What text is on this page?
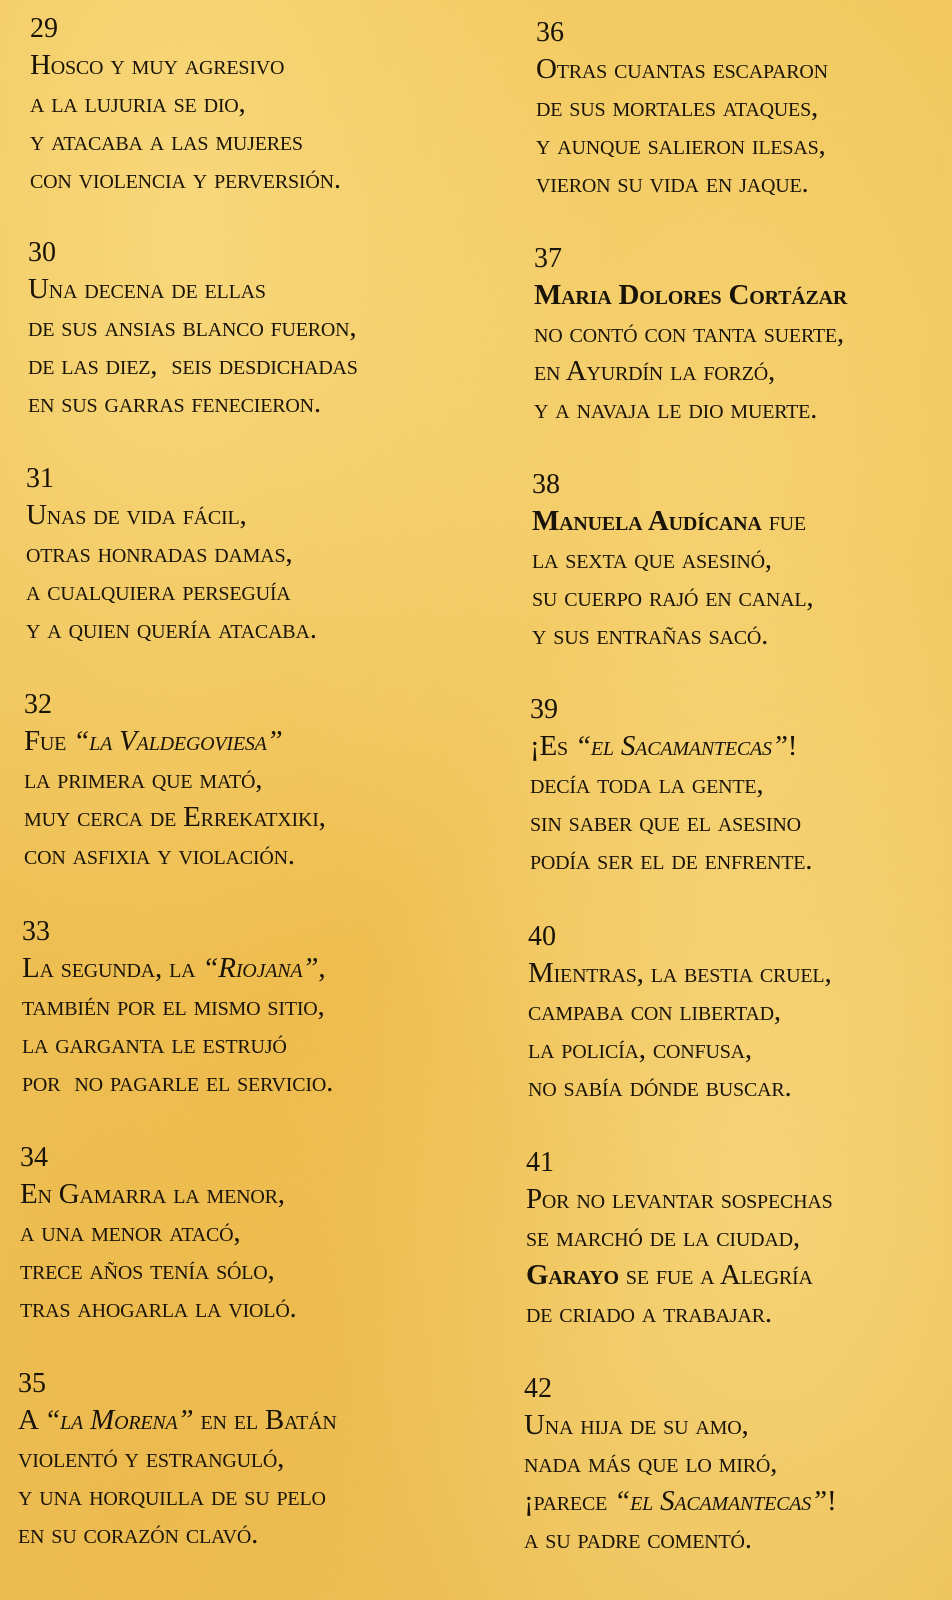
29
Hosco y muy agresivo
a la lujuria se dio,
y atacaba a las mujeres
con violencia y perversión.
30
Una decena de ellas
de sus ansias blanco fueron,
de las diez,  seis desdichadas
en sus garras fenecieron.
31
Unas de vida fácil,
otras honradas damas,
a cualquiera perseguía
y a quien quería atacaba.
32
Fue “la Valdegoviesa”
la primera que mató,
muy cerca de Errekatxiki,
con asfixia y violación.
33
La segunda, la “Riojana”,
también por el mismo sitio,
la garganta le estrujó
por  no pagarle el servicio.
34
En Gamarra la menor,
a una menor atacó,
trece años tenía sólo,
tras ahogarla la violó.
35
A “la Morena” en el Batán
violentó y estranguló,
y una horquilla de su pelo
en su corazón clavó.
36
Otras cuantas escaparon
de sus mortales ataques,
y aunque salieron ilesas,
vieron su vida en jaque.
37
Maria Dolores Cortázar
no contó con tanta suerte,
en Ayurdín la forzó,
y a navaja le dio muerte.
38
Manuela Audícana fue
la sexta que asesinó,
su cuerpo rajó en canal,
y sus entrañas sacó.
39
¡Es “el Sacamantecas”!
decía toda la gente,
sin saber que el asesino
podía ser el de enfrente.
40
Mientras, la bestia cruel,
campaba con libertad,
la policía, confusa,
no sabía dónde buscar.
41
Por no levantar sospechas
se marchó de la ciudad,
Garayo se fue a Alegría
de criado a trabajar.
42
Una hija de su amo,
nada más que lo miró,
¡parece “el Sacamantecas”!
a su padre comentó.
